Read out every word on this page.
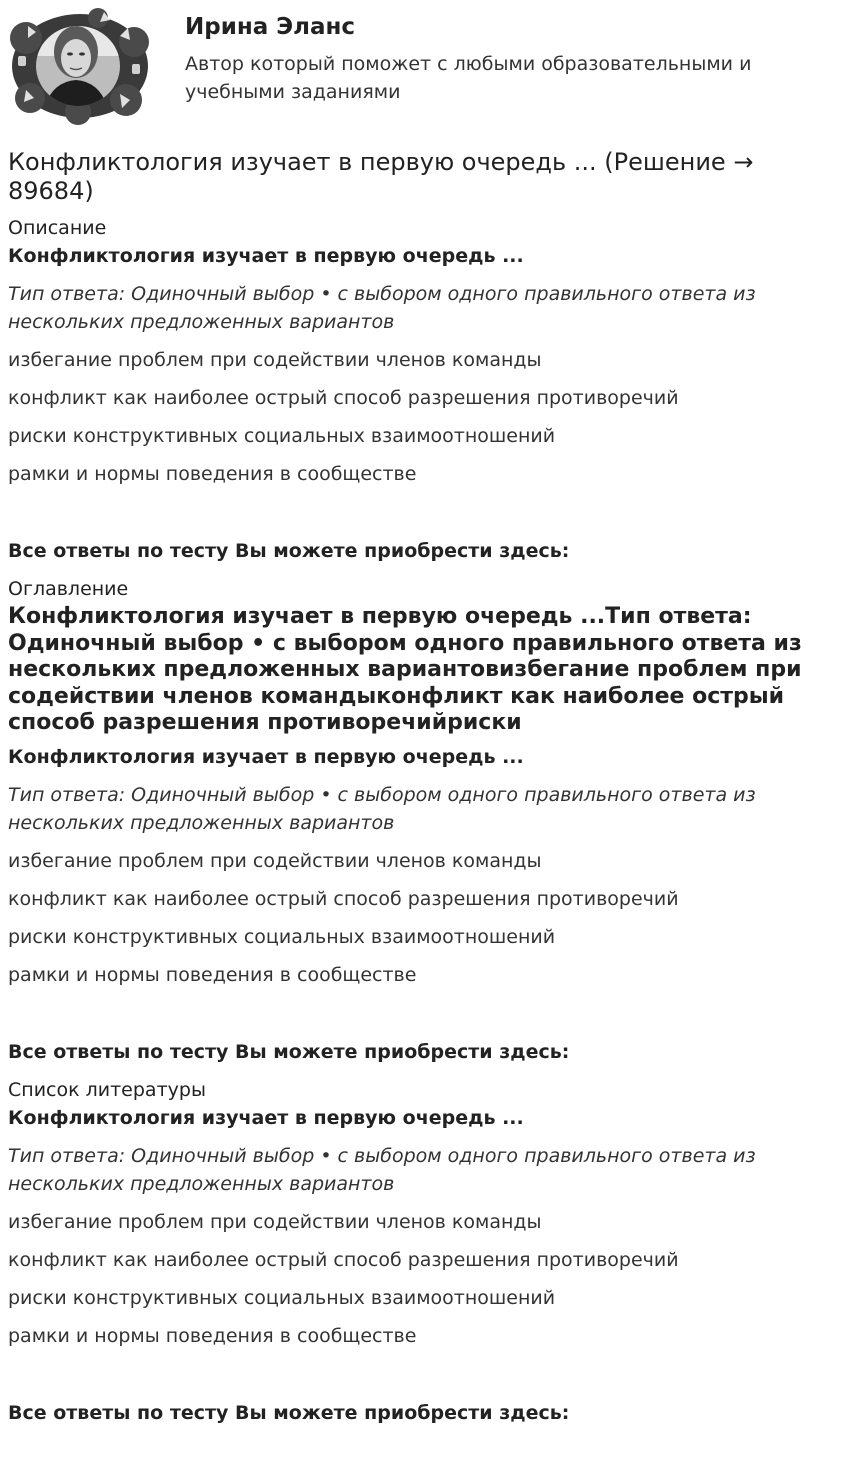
Ирина Эланс
Автор который поможет с любыми образовательными и учебными заданиями
Конфликтология изучает в первую очередь ... (Решение → 89684)
Описание
Конфликтология изучает в первую очередь ...
Тип ответа: Одиночный выбор • с выбором одного правильного ответа из нескольких предложенных вариантов
избегание проблем при содействии членов команды
конфликт как наиболее острый способ разрешения противоречий
риски конструктивных социальных взаимоотношений
рамки и нормы поведения в сообществе
Все ответы по тесту Вы можете приобрести здесь:
Оглавление
Конфликтология изучает в первую очередь ...Тип ответа: Одиночный выбор • с выбором одного правильного ответа из нескольких предложенных вариантовизбегание проблем при содействии членов командыконфликт как наиболее острый способ разрешения противоречийриски
Конфликтология изучает в первую очередь ...
Тип ответа: Одиночный выбор • с выбором одного правильного ответа из нескольких предложенных вариантов
избегание проблем при содействии членов команды
конфликт как наиболее острый способ разрешения противоречий
риски конструктивных социальных взаимоотношений
рамки и нормы поведения в сообществе
Все ответы по тесту Вы можете приобрести здесь:
Список литературы
Конфликтология изучает в первую очередь ...
Тип ответа: Одиночный выбор • с выбором одного правильного ответа из нескольких предложенных вариантов
избегание проблем при содействии членов команды
конфликт как наиболее острый способ разрешения противоречий
риски конструктивных социальных взаимоотношений
рамки и нормы поведения в сообществе
Все ответы по тесту Вы можете приобрести здесь:
